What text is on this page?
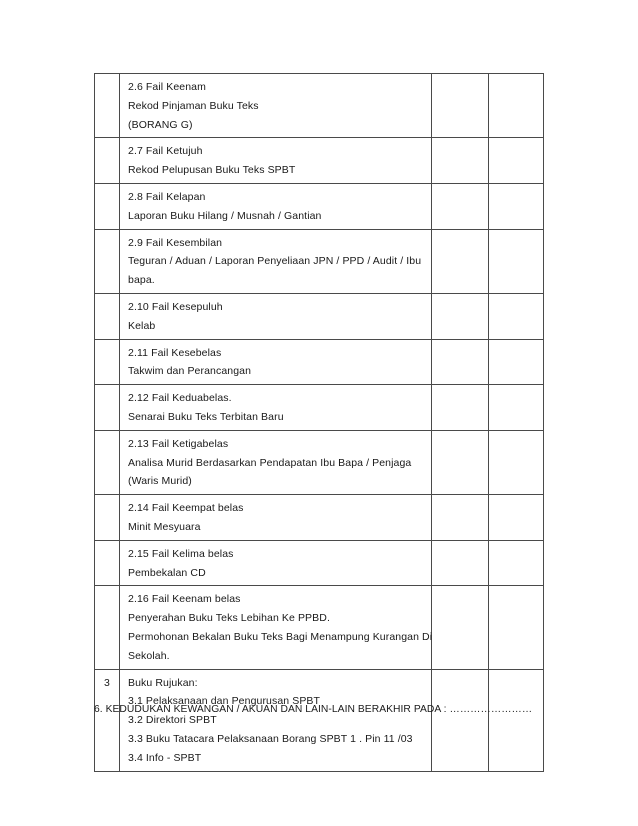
	2.6 Fail Keenam
Rekod Pinjaman Buku Teks
(BORANG G)		

	2.7 Fail Ketujuh
Rekod Pelupusan Buku Teks SPBT		

	2.8 Fail Kelapan
Laporan Buku Hilang / Musnah / Gantian		

	2.9 Fail Kesembilan
Teguran / Aduan / Laporan Penyeliaan JPN / PPD / Audit / Ibu
bapa.		

	2.10 Fail Kesepuluh
Kelab		

	2.11 Fail Kesebelas
Takwim dan Perancangan		

	2.12 Fail Keduabelas.
Senarai Buku Teks Terbitan Baru		

	2.13 Fail Ketigabelas
Analisa Murid Berdasarkan Pendapatan Ibu Bapa / Penjaga
(Waris Murid)		

	2.14 Fail Keempat belas
Minit Mesyuara		

	2.15 Fail Kelima belas
Pembekalan CD		

	2.16 Fail Keenam belas
Penyerahan Buku Teks Lebihan Ke PPBD.
Permohonan Bekalan Buku Teks Bagi Menampung Kurangan Di
Sekolah.		

3	Buku Rujukan:
3.1 Pelaksanaan dan Pengurusan SPBT
3.2 Direktori SPBT
3.3 Buku Tatacara Pelaksanaan Borang SPBT 1 . Pin 11 /03
3.4 Info - SPBT		

6. KEDUDUKAN KEWANGAN / AKUAN DAN LAIN-LAIN BERAKHIR PADA : ……………………
